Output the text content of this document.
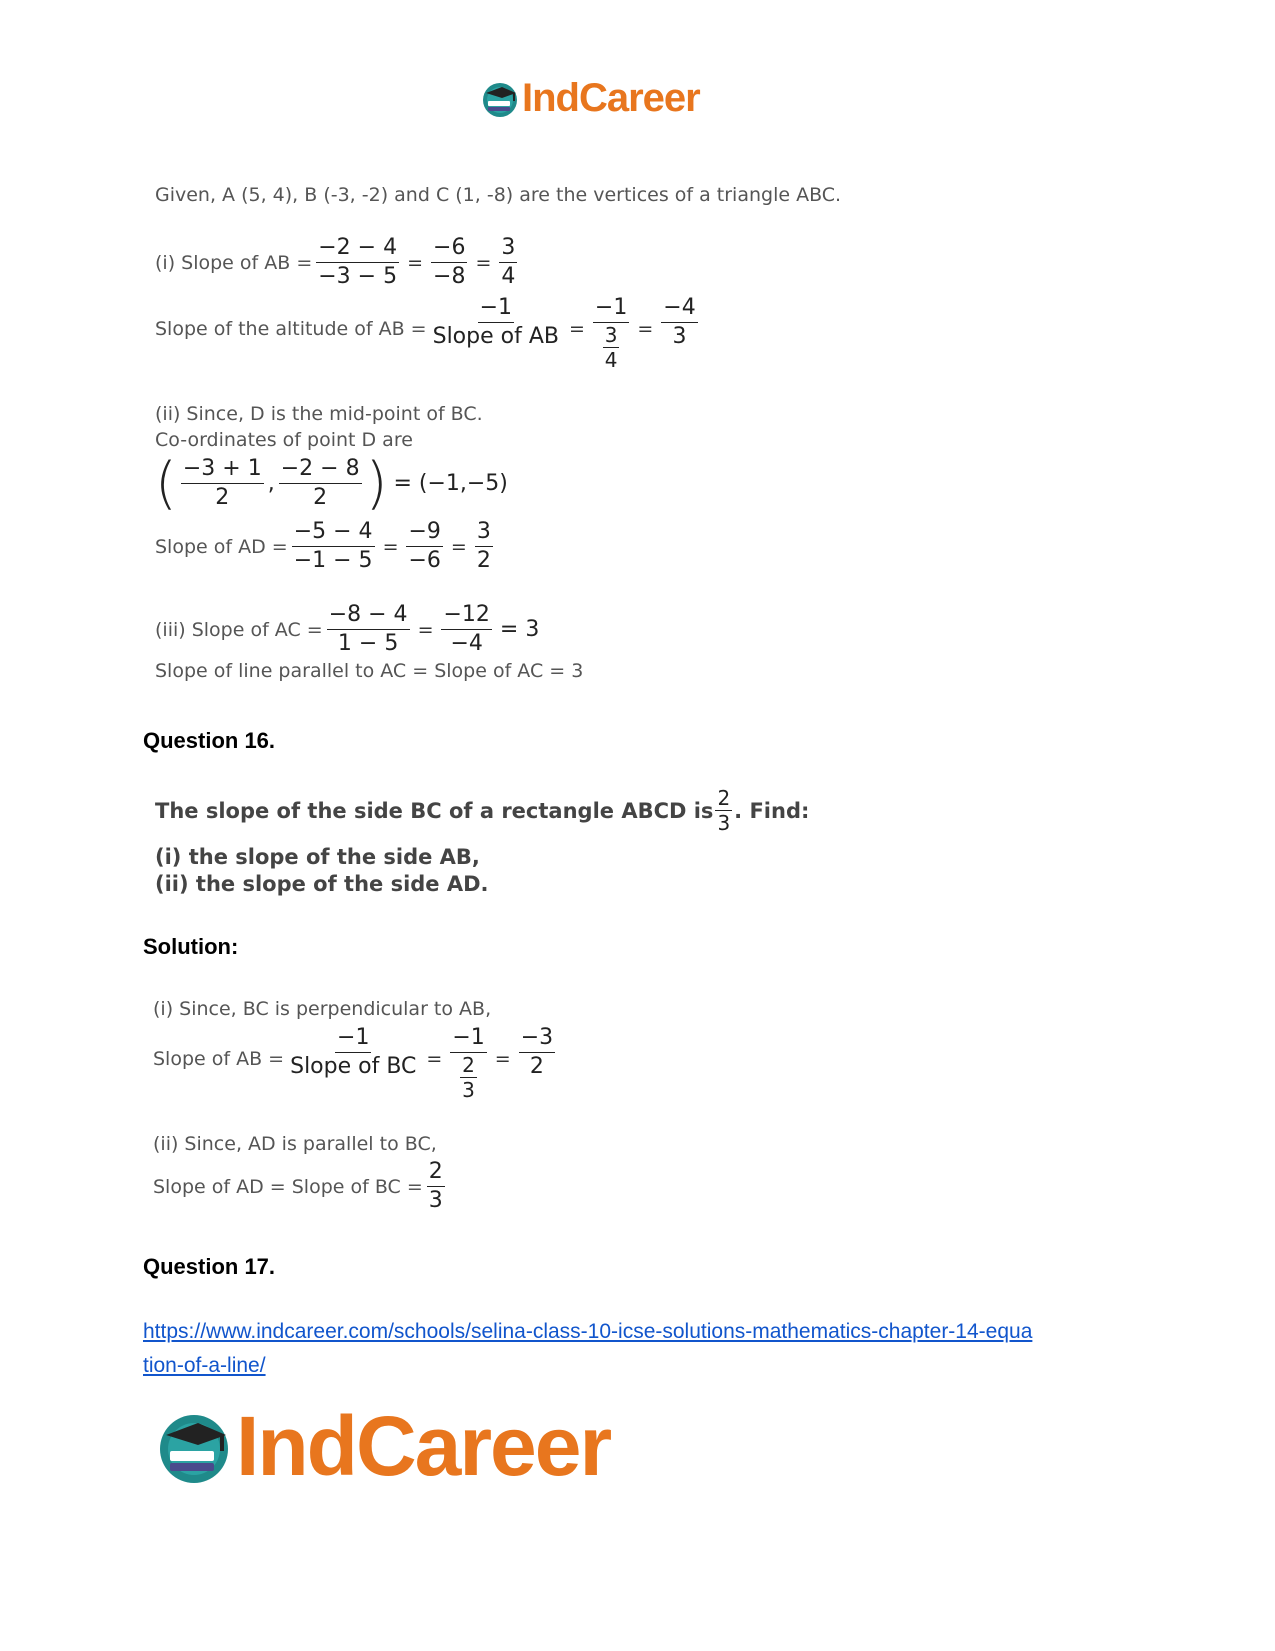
IndCareer
Given, A (5, 4), B (-3, -2) and C (1, -8) are the vertices of a triangle ABC.
(i) Slope of AB = $\frac{-2 - 4}{-3 - 5} = \frac{-6}{-8} = \frac{3}{4}$
Slope of the altitude of AB = $\frac{-1}{\text{Slope of AB}} = \frac{-1}{\frac{3}{4}} = \frac{-4}{3}$
(ii) Since, D is the mid-point of BC.
Co-ordinates of point D are
( $\frac{-3 + 1}{2}$ , $\frac{-2 - 8}{2}$ ) = (−1,−5)
Slope of AD = $\frac{-5 - 4}{-1 - 5} = \frac{-9}{-6} = \frac{3}{2}$
(iii) Slope of AC = $\frac{-8 - 4}{1 - 5} = \frac{-12}{-4} = 3$
Slope of line parallel to AC = Slope of AC = 3
Question 16.
The slope of the side BC of a rectangle ABCD is $\frac{2}{3}$ . Find:
(i) the slope of the side AB,
(ii) the slope of the side AD.
Solution:
(i) Since, BC is perpendicular to AB,
Slope of AB = $\frac{-1}{\text{Slope of BC}} = \frac{-1}{\frac{2}{3}} = \frac{-3}{2}$
(ii) Since, AD is parallel to BC,
Slope of AD = Slope of BC = $\frac{2}{3}$
Question 17.
https://www.indcareer.com/schools/selina-class-10-icse-solutions-mathematics-chapter-14-equa
tion-of-a-line/
IndCareer
